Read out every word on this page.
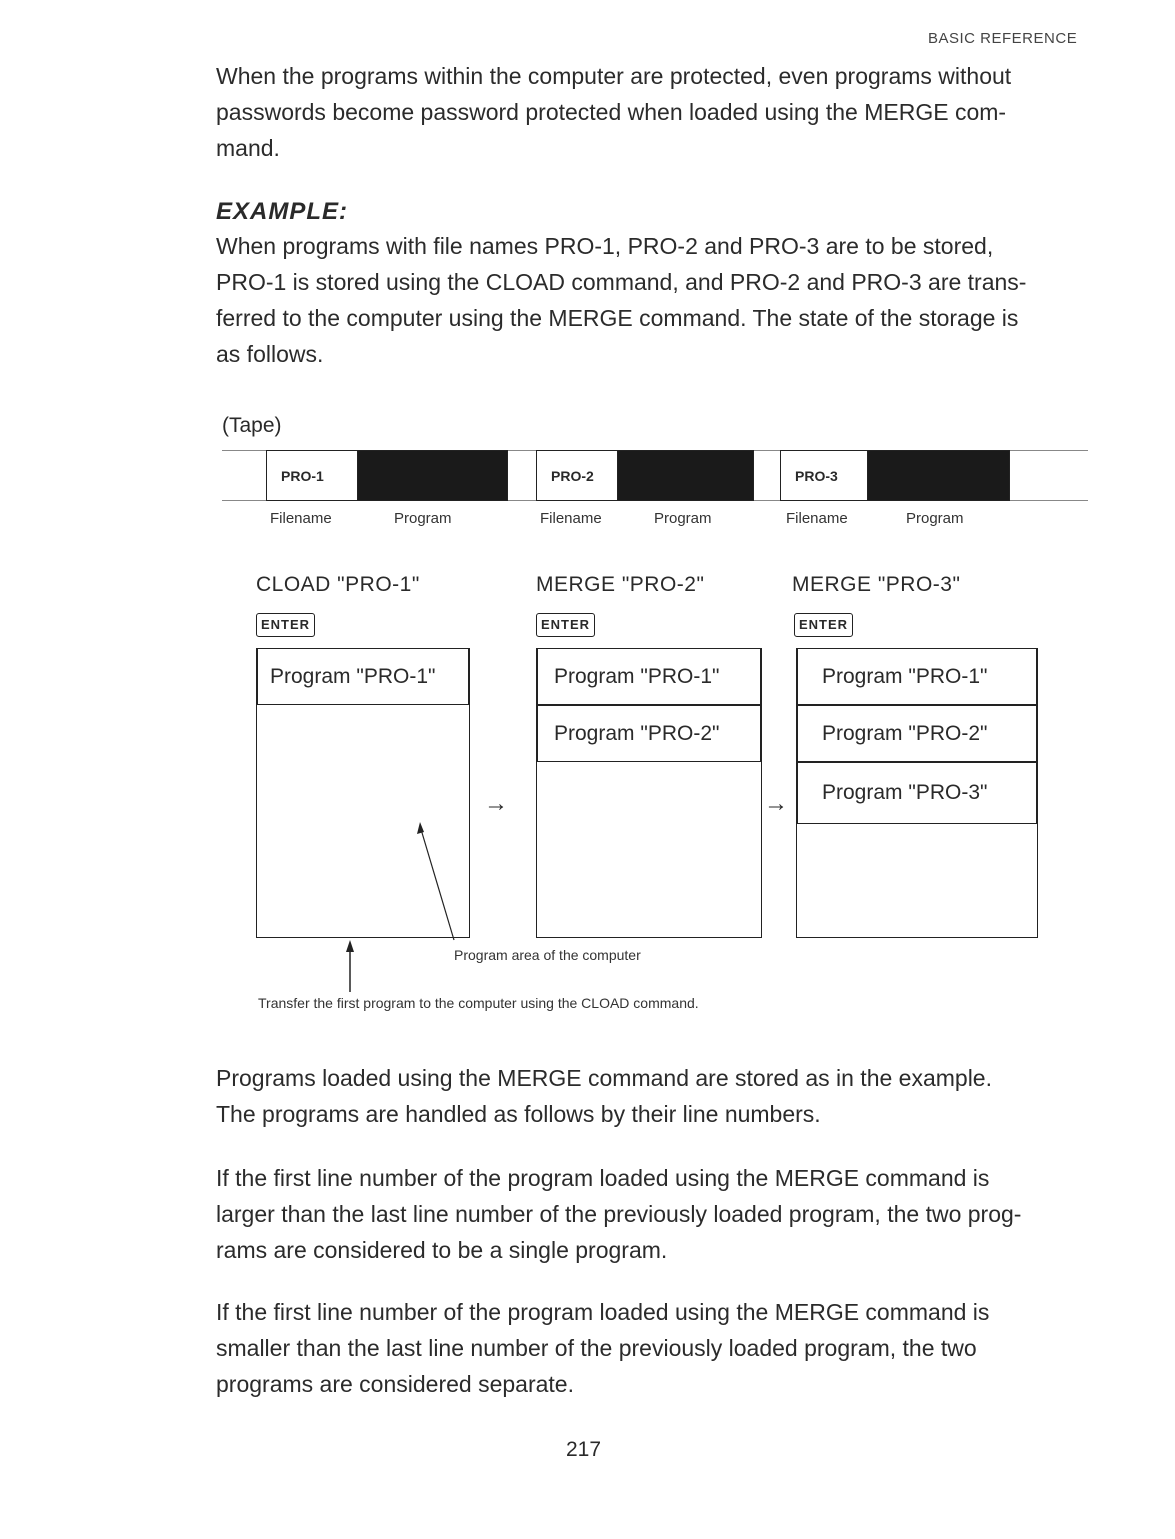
BASIC REFERENCE
When the programs within the computer are protected, even programs without
passwords become password protected when loaded using the MERGE com-
mand.
EXAMPLE:
When programs with file names PRO-1, PRO-2 and PRO-3 are to be stored,
PRO-1 is stored using the CLOAD command, and PRO-2 and PRO-3 are trans-
ferred to the computer using the MERGE command. The state of the storage is
as follows.
(Tape)
PRO-1	PRO-2	PRO-3
Filename	Program	Filename	Program	Filename	Program
CLOAD "PRO-1"	MERGE "PRO-2"	MERGE "PRO-3"
ENTER	ENTER	ENTER
Program "PRO-1"	Program "PRO-1"
Program "PRO-2"
Program "PRO-1"
Program "PRO-2"
Program "PRO-3"
→	→
Program area of the computer
Transfer the first program to the computer using the CLOAD command.
Programs loaded using the MERGE command are stored as in the example.
The programs are handled as follows by their line numbers.
If the first line number of the program loaded using the MERGE command is
larger than the last line number of the previously loaded program, the two prog-
rams are considered to be a single program.
If the first line number of the program loaded using the MERGE command is
smaller than the last line number of the previously loaded program, the two
programs are considered separate.
217
